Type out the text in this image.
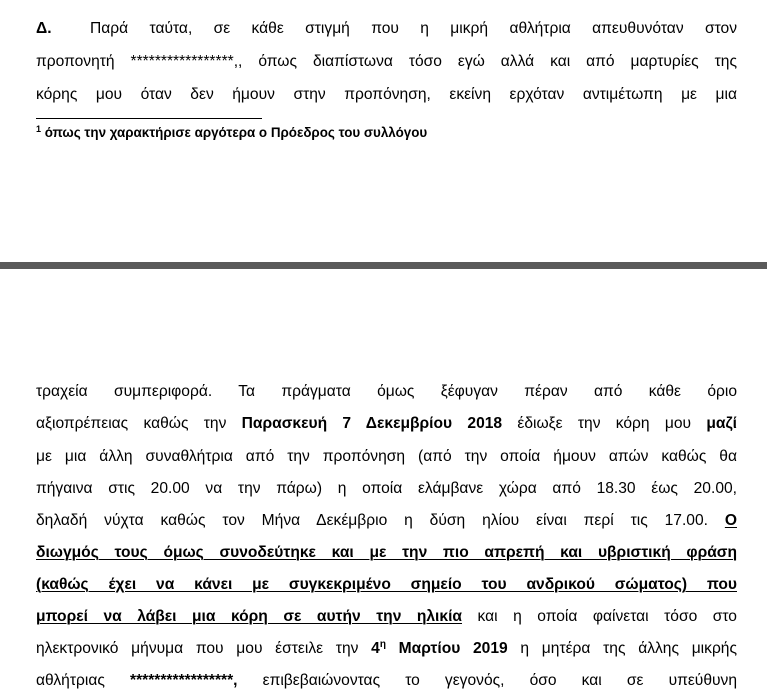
Δ. Παρά ταύτα, σε κάθε στιγμή που η μικρή αθλήτρια απευθυνόταν στον
προπονητή *****************,, όπως διαπίστωνα τόσο εγώ αλλά και από μαρτυρίες της
κόρης μου όταν δεν ήμουν στην προπόνηση, εκείνη ερχόταν αντιμέτωπη με μια
$^1$ όπως την χαρακτήρισε αργότερα ο Πρόεδρος του συλλόγου
τραχεία συμπεριφορά. Τα πράγματα όμως ξέφυγαν πέραν από κάθε όριο
αξιοπρέπειας καθώς την Παρασκευή 7 Δεκεμβρίου 2018 έδιωξε την κόρη μου μαζί
με μια άλλη συναθλήτρια από την προπόνηση (από την οποία ήμουν απών καθώς θα
πήγαινα στις 20.00 να την πάρω) η οποία ελάμβανε χώρα από 18.30 έως 20.00,
δηλαδή νύχτα καθώς τον Μήνα Δεκέμβριο η δύση ηλίου είναι περί τις 17.00. Ο
διωγμός τους όμως συνοδεύτηκε και με την πιο απρεπή και υβριστική φράση
(καθώς έχει να κάνει με συγκεκριμένο σημείο του ανδρικού σώματος) που
μπορεί να λάβει μια κόρη σε αυτήν την ηλικία και η οποία φαίνεται τόσο στο
ηλεκτρονικό μήνυμα που μου έστειλε την $4^\eta$ Μαρτίου 2019 η μητέρα της άλλης μικρής
αθλήτριας *****************, επιβεβαιώνοντας το γεγονός, όσο και σε υπεύθυνη
